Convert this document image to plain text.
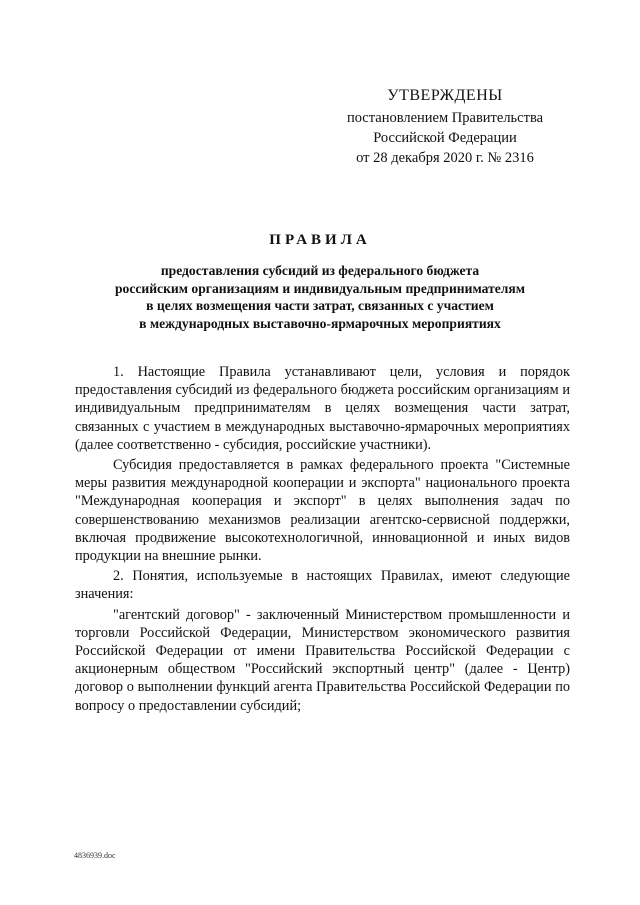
УТВЕРЖДЕНЫ
постановлением Правительства
Российской Федерации
от 28 декабря 2020 г. № 2316
ПРАВИЛА
предоставления субсидий из федерального бюджета
российским организациям и индивидуальным предпринимателям
в целях возмещения части затрат, связанных с участием
в международных выставочно-ярмарочных мероприятиях

1. Настоящие Правила устанавливают цели, условия и порядок предоставления субсидий из федерального бюджета российским организациям и индивидуальным предпринимателям в целях возмещения части затрат, связанных с участием в международных выставочно-ярмарочных мероприятиях (далее соответственно - субсидия, российские участники).

Субсидия предоставляется в рамках федерального проекта "Системные меры развития международной кооперации и экспорта" национального проекта "Международная кооперация и экспорт" в целях выполнения задач по совершенствованию механизмов реализации агентско-сервисной поддержки, включая продвижение высокотехнологичной, инновационной и иных видов продукции на внешние рынки.

2. Понятия, используемые в настоящих Правилах, имеют следующие значения:

"агентский договор" - заключенный Министерством промышленности и торговли Российской Федерации, Министерством экономического развития Российской Федерации от имени Правительства Российской Федерации с акционерным обществом "Российский экспортный центр" (далее - Центр) договор о выполнении функций агента Правительства Российской Федерации по вопросу о предоставлении субсидий;

4836939.doc
